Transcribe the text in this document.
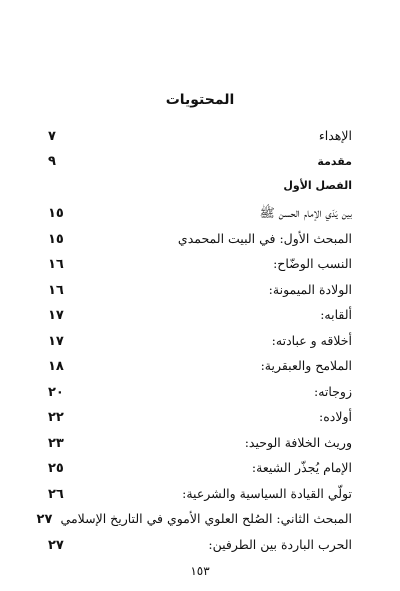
المحتويات
الإهداء
٧
مقدمة
٩
الفصل الأول
بين يَدَي الإمام الحسن ﷺ
١٥
المبحث الأول: في البيت المحمدي
١٥
النسب الوضّاح:
١٦
الولادة الميمونة:
١٦
ألقابه:
١٧
أخلاقه و عبادته:
١٧
الملامح والعبقرية:
١٨
زوجاته:
٢٠
أولاده:
٢٢
وريث الخلافة الوحيد:
٢٣
الإمام يُجذّر الشيعة:
٢٥
تولّي القيادة السياسية والشرعية:
٢٦
المبحث الثاني: الصُلح العلوي الأموي في التاريخ الإسلامي
٢٧
الحرب الباردة بين الطرفين:
٢٧
١٥٣
